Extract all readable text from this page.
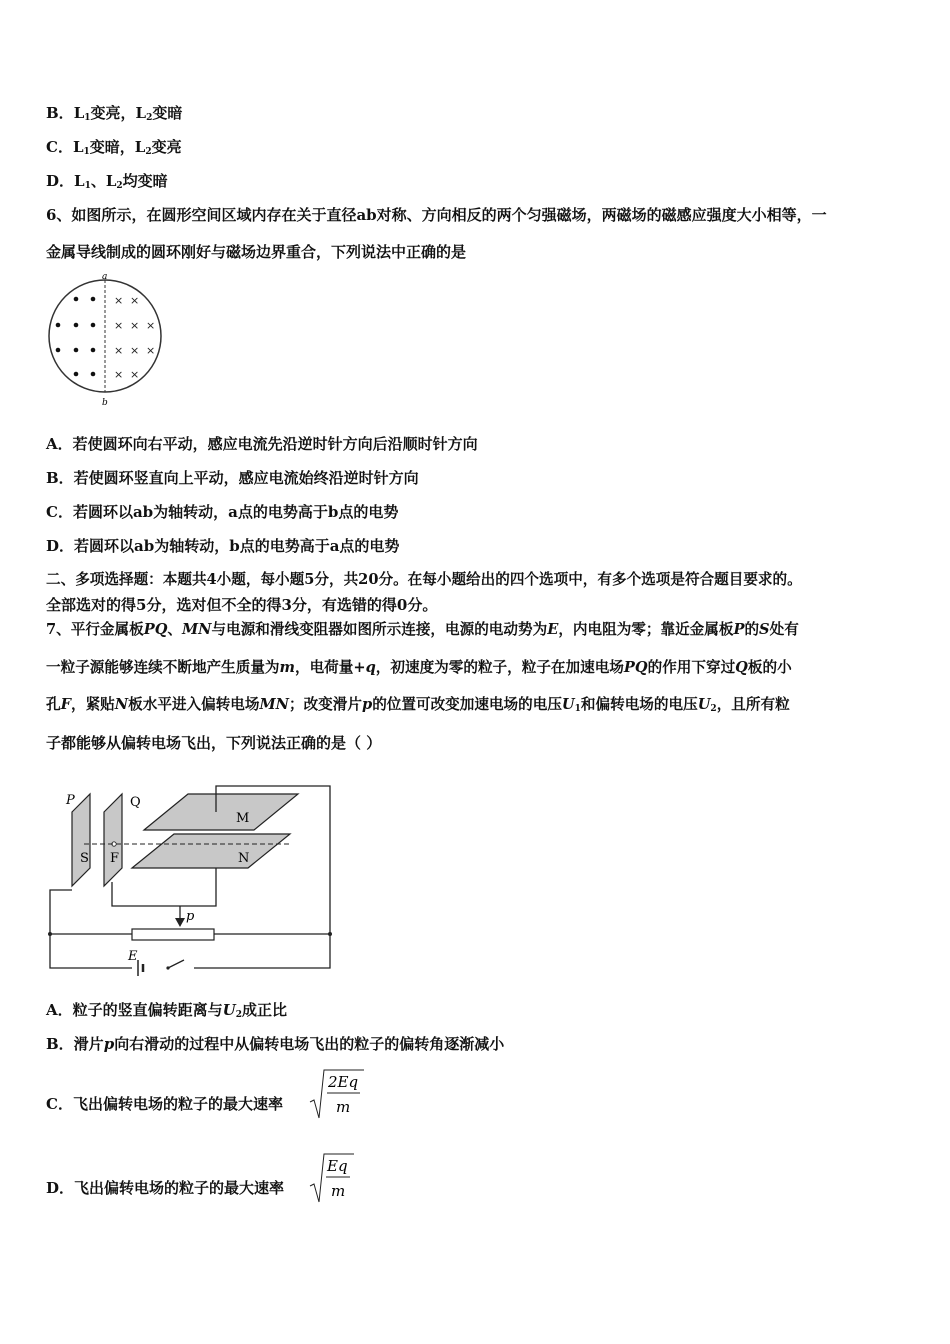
B．$L_1$变亮，$L_2$变暗
C．$L_1$变暗，$L_2$变亮
D．$L_1$、$L_2$均变暗
6、如图所示，在圆形空间区域内存在关于直径ab对称、方向相反的两个匀强磁场，两磁场的磁感应强度大小相等，一
金属导线制成的圆环刚好与磁场边界重合，下列说法中正确的是
a
b
× ×
× × ×
× × ×
× ×
A．若使圆环向右平动，感应电流先沿逆时针方向后沿顺时针方向
B．若使圆环竖直向上平动，感应电流始终沿逆时针方向
C．若圆环以ab为轴转动，a点的电势高于b点的电势
D．若圆环以ab为轴转动，b点的电势高于a点的电势
二、多项选择题：本题共4小题，每小题5分，共20分。在每小题给出的四个选项中，有多个选项是符合题目要求的。
全部选对的得5分，选对但不全的得3分，有选错的得0分。
7、平行金属板PQ、MN与电源和滑线变阻器如图所示连接，电源的电动势为E，内电阻为零；靠近金属板P的S处有
一粒子源能够连续不断地产生质量为m，电荷量+q，初速度为零的粒子，粒子在加速电场PQ的作用下穿过Q板的小
孔F，紧贴N板水平进入偏转电场MN；改变滑片p的位置可改变加速电场的电压$U_1$和偏转电场的电压$U_2$，且所有粒
子都能够从偏转电场飞出，下列说法正确的是（ ）
P	Q
S F
M
N
p
E
A．粒子的竖直偏转距离与$U_2$成正比
B．滑片p向右滑动的过程中从偏转电场飞出的粒子的偏转角逐渐减小
C．飞出偏转电场的粒子的最大速率
2Eq
m
D．飞出偏转电场的粒子的最大速率
Eq
m
